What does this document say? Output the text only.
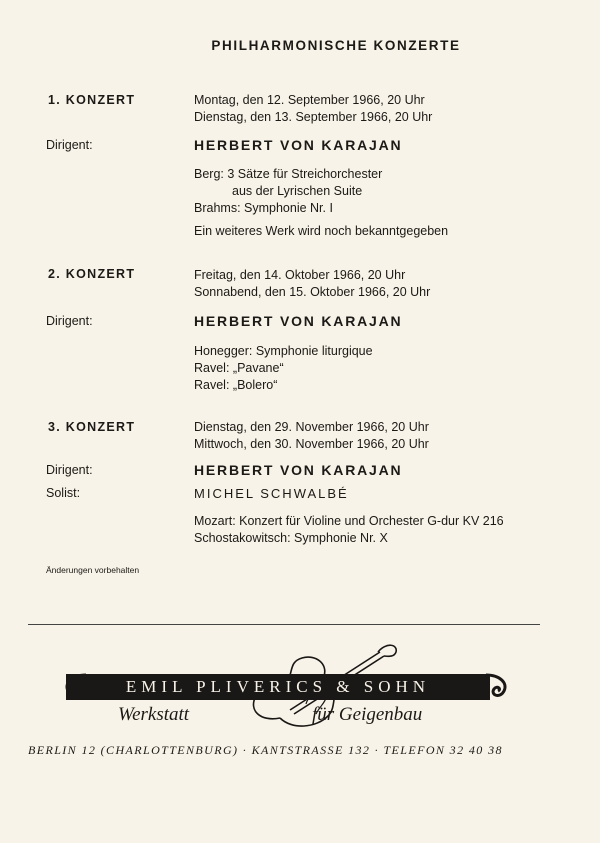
PHILHARMONISCHE KONZERTE
1. KONZERT	Montag, den 12. September 1966, 20 Uhr
Dienstag, den 13. September 1966, 20 Uhr
Dirigent:	HERBERT VON KARAJAN
Berg: 3 Sätze für Streichorchester
aus der Lyrischen Suite
Brahms: Symphonie Nr. I
Ein weiteres Werk wird noch bekanntgegeben
2. KONZERT	Freitag, den 14. Oktober 1966, 20 Uhr
Sonnabend, den 15. Oktober 1966, 20 Uhr
Dirigent:	HERBERT VON KARAJAN
Honegger: Symphonie liturgique
Ravel: „Pavane“
Ravel: „Bolero“
3. KONZERT	Dienstag, den 29. November 1966, 20 Uhr
Mittwoch, den 30. November 1966, 20 Uhr
Dirigent:	HERBERT VON KARAJAN
Solist:	MICHEL SCHWALBÉ
Mozart: Konzert für Violine und Orchester G-dur KV 216
Schostakowitsch: Symphonie Nr. X
Änderungen vorbehalten
EMIL PLIVERICS & SOHN
Werkstatt	für Geigenbau
BERLIN 12 (CHARLOTTENBURG) · KANTSTRASSE 132 · TELEFON 32 40 38
